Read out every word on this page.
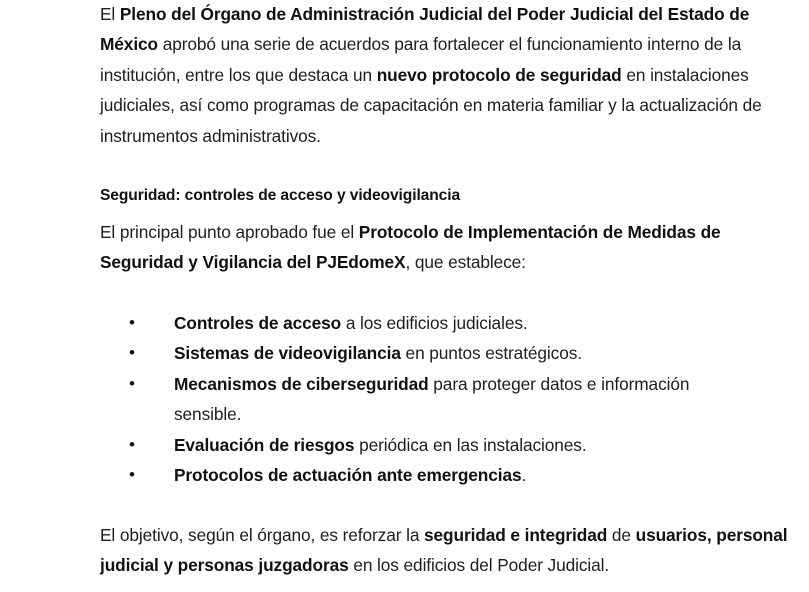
El Pleno del Órgano de Administración Judicial del Poder Judicial del Estado de México aprobó una serie de acuerdos para fortalecer el funcionamiento interno de la institución, entre los que destaca un nuevo protocolo de seguridad en instalaciones judiciales, así como programas de capacitación en materia familiar y la actualización de instrumentos administrativos.

Seguridad: controles de acceso y videovigilancia

El principal punto aprobado fue el Protocolo de Implementación de Medidas de Seguridad y Vigilancia del PJEdomeX, que establece:

• Controles de acceso a los edificios judiciales.
• Sistemas de videovigilancia en puntos estratégicos.
• Mecanismos de ciberseguridad para proteger datos e información sensible.
• Evaluación de riesgos periódica en las instalaciones.
• Protocolos de actuación ante emergencias.

El objetivo, según el órgano, es reforzar la seguridad e integridad de usuarios, personal judicial y personas juzgadoras en los edificios del Poder Judicial.
